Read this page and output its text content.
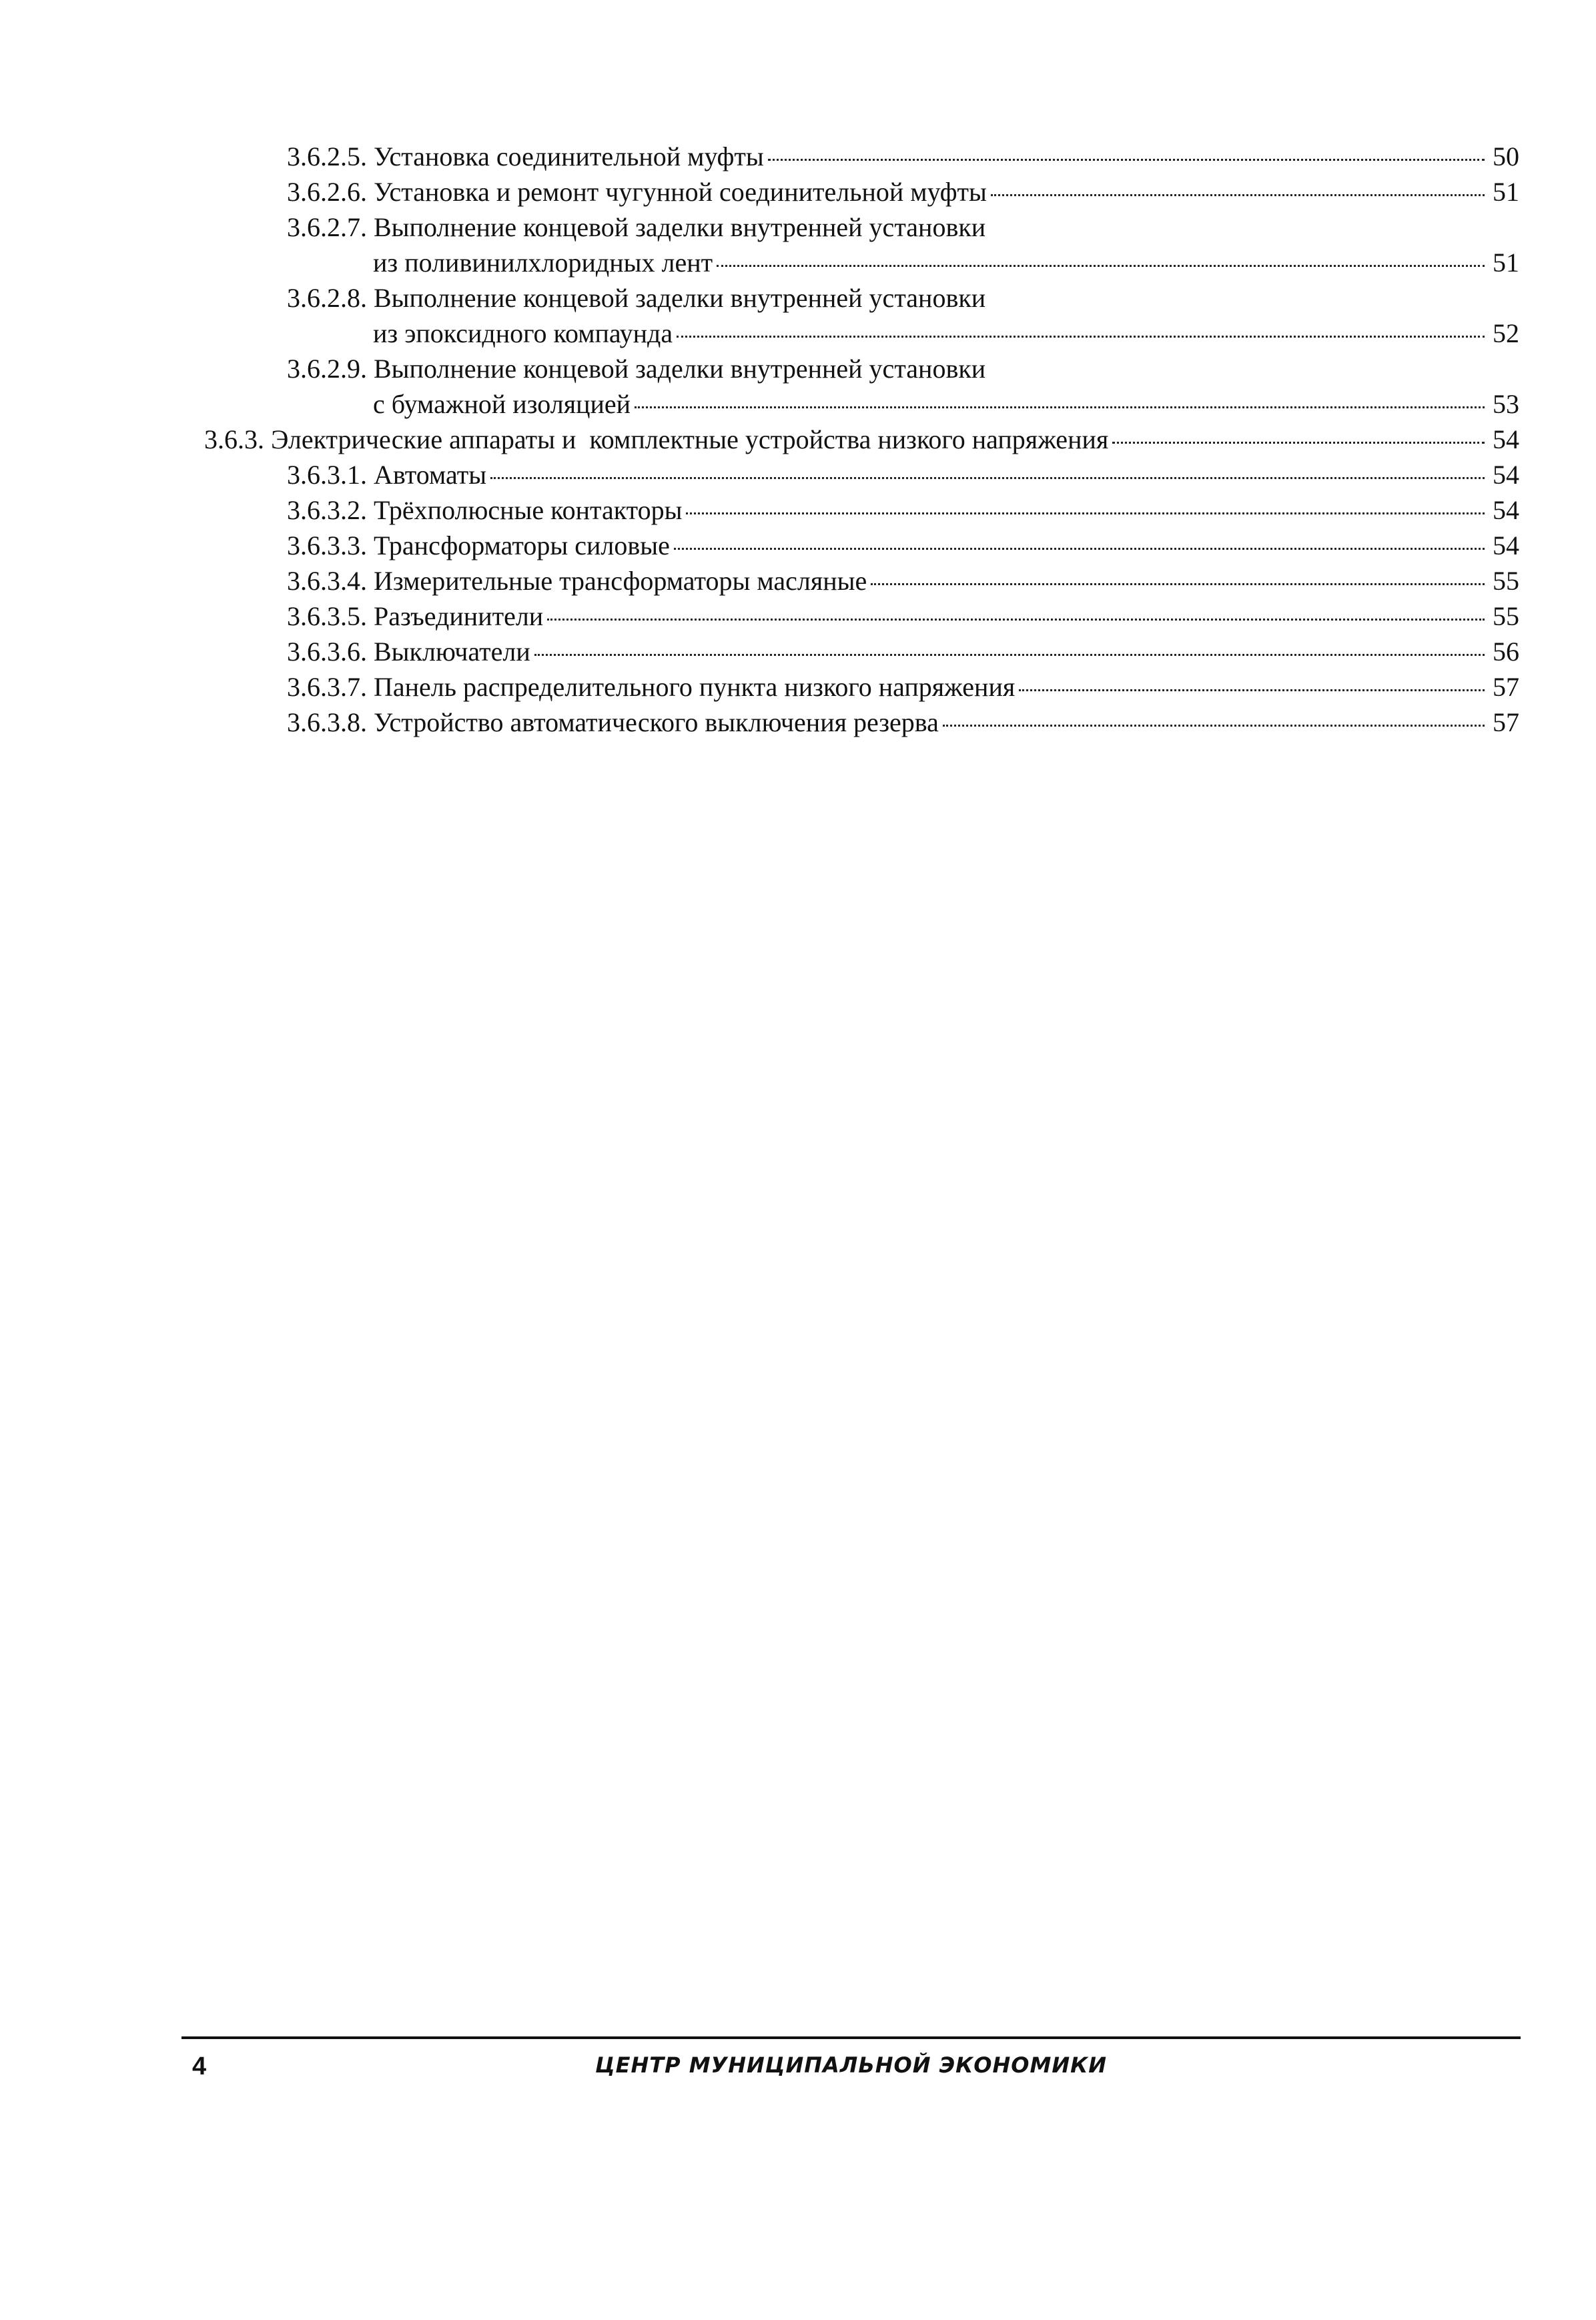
3.6.2.5. Установка соединительной муфты	50
3.6.2.6. Установка и ремонт чугунной соединительной муфты	51
3.6.2.7. Выполнение концевой заделки внутренней установки
из поливинилхлоридных лент	51
3.6.2.8. Выполнение концевой заделки внутренней установки
из эпоксидного компаунда	52
3.6.2.9. Выполнение концевой заделки внутренней установки
с бумажной изоляцией	53
3.6.3. Электрические аппараты и  комплектные устройства низкого напряжения	54
3.6.3.1. Автоматы	54
3.6.3.2. Трёхполюсные контакторы	54
3.6.3.3. Трансформаторы силовые	54
3.6.3.4. Измерительные трансформаторы масляные	55
3.6.3.5. Разъединители	55
3.6.3.6. Выключатели	56
3.6.3.7. Панель распределительного пункта низкого напряжения	57
3.6.3.8. Устройство автоматического выключения резерва	57
4	ЦЕНТР МУНИЦИПАЛЬНОЙ ЭКОНОМИКИ
